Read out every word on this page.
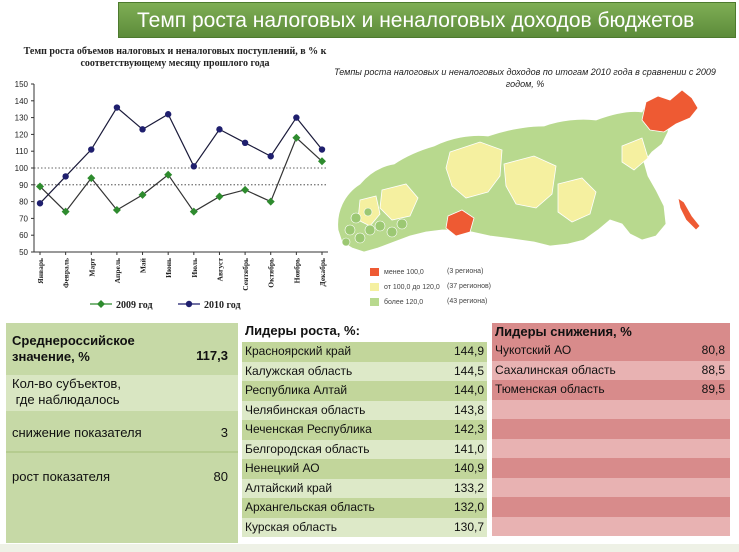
Темп роста налоговых и неналоговых доходов бюджетов
Темп роста объемов налоговых и неналоговых поступлений, в % к
соответствующему месяцу прошлого года
50
60
70
80
90
100
110
120
130
140
150
Январь Февраль Март Апрель Май Июнь Июль Август Сентябрь Октябрь Ноябрь Декабрь
2009 год	2010 год
Темпы роста налоговых и неналоговых доходов по итогам 2010 года в сравнении с 2009
годом, %
менее 100,0	(3 региона)
от 100,0 до 120,0 (37 регионов)
более 120,0	(43 региона)
Среднероссийское
значение, %	117,3
Кол-во субъектов,
где наблюдалось
снижение показателя	3
рост показателя	80
Лидеры роста, %:
Красноярский край	144,9
Калужская область	144,5
Республика Алтай	144,0
Челябинская область	143,8
Чеченская Республика	142,3
Белгородская область	141,0
Ненецкий АО	140,9
Алтайский край	133,2
Архангельская область	132,0
Курская область	130,7
Лидеры снижения, %
Чукотский АО	80,8
Сахалинская область	88,5
Тюменская область	89,5
